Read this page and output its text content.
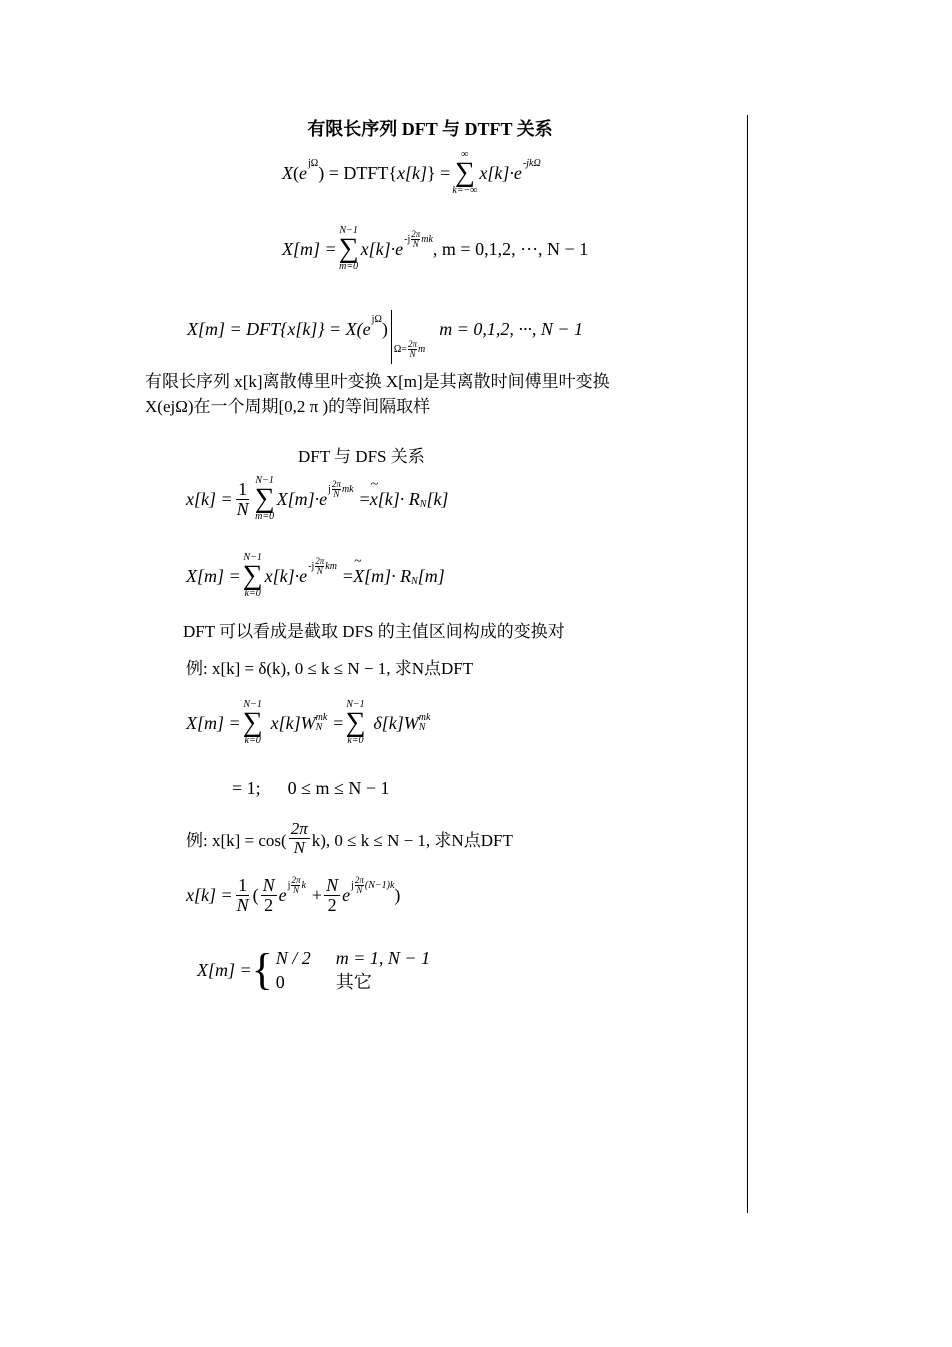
有限长序列 DFT 与 DTFT 关系
X ( e jΩ ) = DTFT{ x[k] } =
∞
∑
k=−∞
x[k]· e -jkΩ
X[m] =
N−1
∑
m=0
x[k]· e $-j \frac{2\pi}{N}$ mk , m = 0,1,2, ···, N − 1
X[m] = DFT{x[k]} = X(e jΩ )
$\Omega= \frac{2\pi}{N}$ m
m = 0,1,2, ···, N − 1
有限长序列 x[k]离散傅里叶变换 X[m]是其离散时间傅里叶变换
X(ejΩ)在一个周期[0,2 π )的等间隔取样
DFT 与 DFS 关系
$x[k] = \frac{1}{N} N-1$
∑
m=0
X[m]· e j $\frac{2\pi}{N}$ mk = ~ x [k]· R N [k]
X[m] =
N−1
∑
k=0
x[k]· e $-j \frac{2\pi}{N}$ km = ~ X [m]· R N [m]
DFT 可以看成是截取 DFS 的主值区间构成的变换对
例: x[k] = δ(k), 0 ≤ k ≤ N − 1, 求N点DFT
X[m] =
N−1
∑
k=0
x[k]W mk
N =
N−1
∑
k=0
δ[k]W mk
N
= 1;      0 ≤ m ≤ N − 1
例: $x[k] = \cos( \frac{2\pi}{N} k)$, 0 ≤ k ≤ N − 1, 求N点DFT
$x[k] = \frac{1}{N}$ ( $\frac{N}{2}$ e j $\frac{2\pi}{N}$ $k + \frac{N}{2}$ e j $\frac{2\pi}{N} (N-1)k$ )
X[m] = { N / 2 m = 1, N − 1
0	其它
